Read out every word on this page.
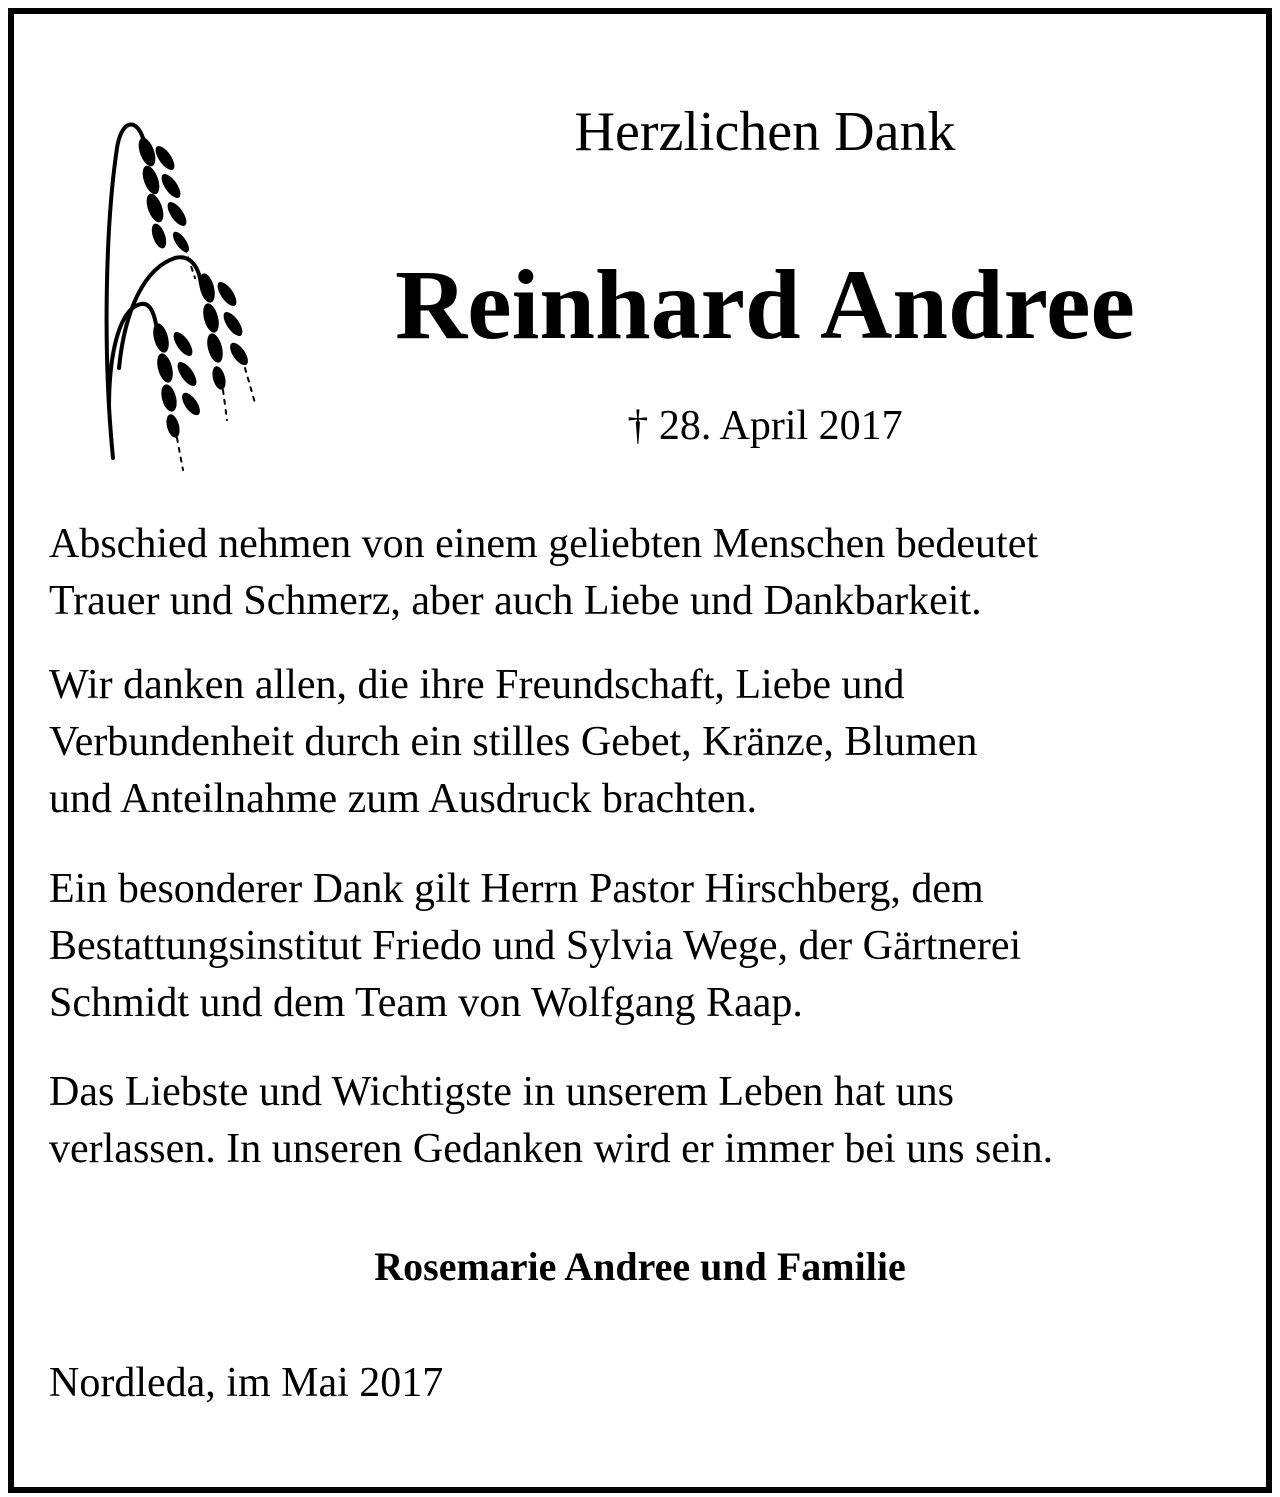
Herzlichen Dank
Reinhard Andree

† 28. April 2017

Abschied nehmen von einem geliebten Menschen bedeutet
Trauer und Schmerz, aber auch Liebe und Dankbarkeit.

Wir danken allen, die ihre Freundschaft, Liebe und
Verbundenheit durch ein stilles Gebet, Kränze, Blumen
und Anteilnahme zum Ausdruck brachten.

Ein besonderer Dank gilt Herrn Pastor Hirschberg, dem
Bestattungsinstitut Friedo und Sylvia Wege, der Gärtnerei
Schmidt und dem Team von Wolfgang Raap.

Das Liebste und Wichtigste in unserem Leben hat uns
verlassen. In unseren Gedanken wird er immer bei uns sein.

Rosemarie Andree und Familie

Nordleda, im Mai 2017
